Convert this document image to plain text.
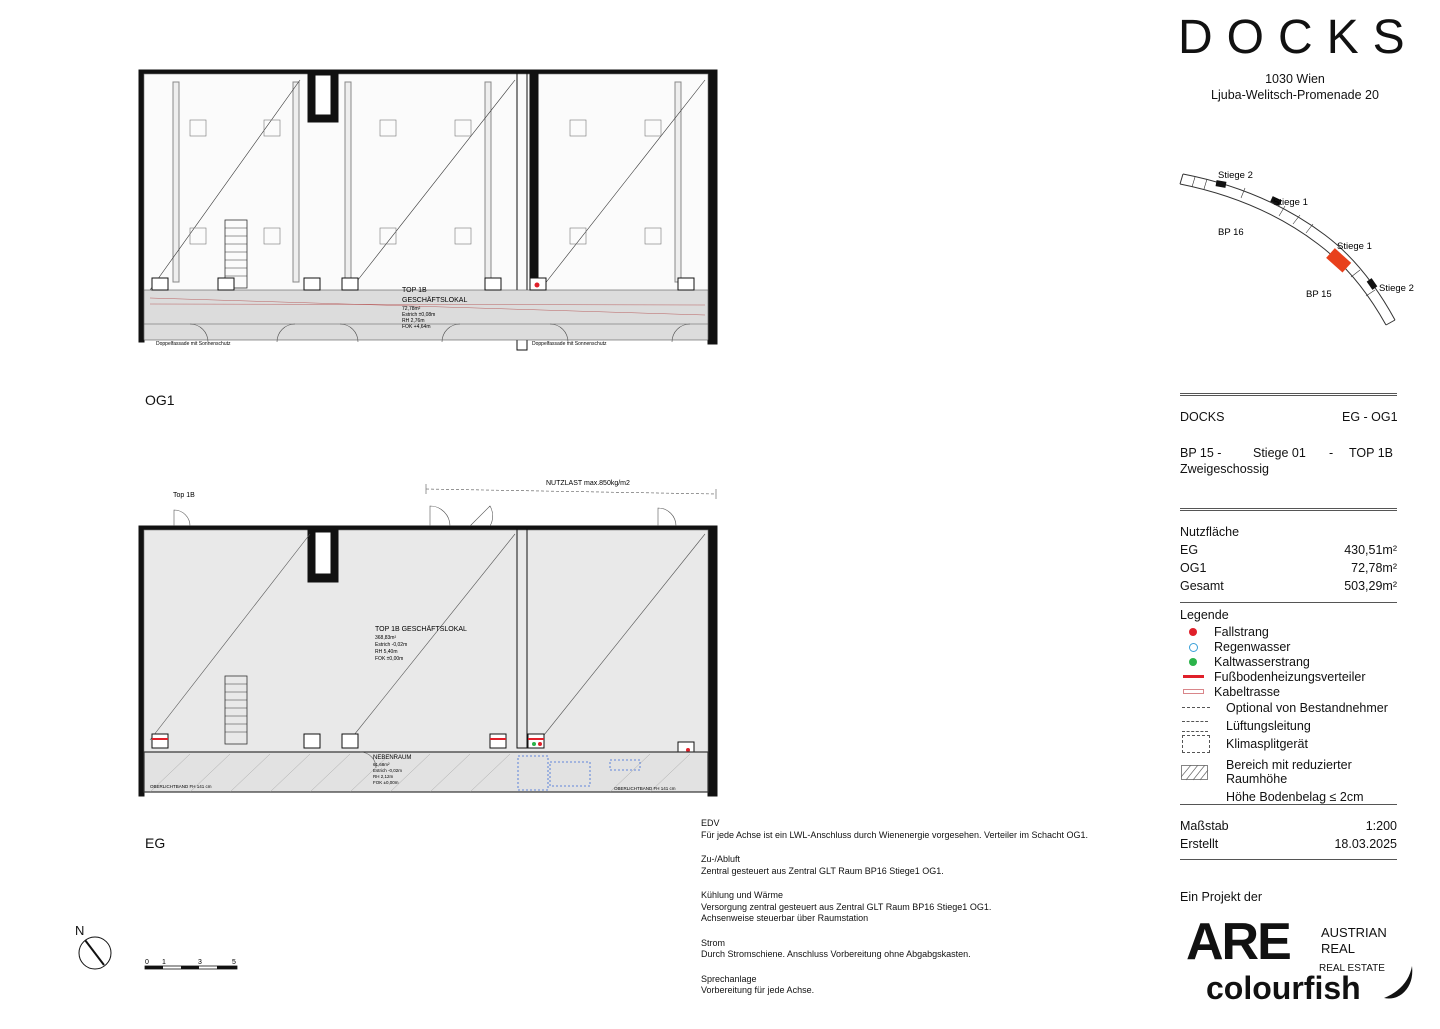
DOCKS
1030 Wien
Ljuba-Welitsch-Promenade 20
Stiege 2
Stiege 1
BP 16
Stiege 1
BP 15
Stiege 2
DOCKS	EG - OG1
BP 15 -	Stiege 01 - TOP 1B
Zweigeschossig
Nutzfläche
EG	430,51m²
OG1	72,78m²
Gesamt	503,29m²
Legende
Fallstrang
Regenwasser
Kaltwasserstrang
Fußbodenheizungsverteiler
Kabeltrasse
Optional von Bestandnehmer
Lüftungsleitung
Klimasplitgerät
Bereich mit reduzierter
Raumhöhe
Höhe Bodenbelag ≤ 2cm
Maßstab	1:200
Erstellt	18.03.2025
Ein Projekt der
ARE AUSTRIAN
REAL
REAL ESTATE
colourfish
TOP 1B
GESCHÄFTSLOKAL
72,78m²
Estrich ±0,08m
RH 2,76m
FOK +4,64m
Doppelfassade mit Sonnenschutz	Doppelfassade mit Sonnenschutz
OG1
NUTZLAST max.850kg/m2
Top 1B
TOP 1B GESCHÄFTSLOKAL
368,83m²
Estrich -0,02m
RH 5,40m
FOK ±0,00m
NEBENRAUM
61,68m²
Estrich -0,02m
RH 2,12m
FOK ±0,00m
OBERLICHTBAND FH 141 cm	OBERLICHTBAND FH 141 cm
EG
N
0 1	3	5
EDV
Für jede Achse ist ein LWL-Anschluss durch Wienenergie vorgesehen. Verteiler im Schacht OG1.
Zu-/Abluft
Zentral gesteuert aus Zentral GLT Raum BP16 Stiege1 OG1.
Kühlung und Wärme
Versorgung zentral gesteuert aus Zentral GLT Raum BP16 Stiege1 OG1.
Achsenweise steuerbar über Raumstation
Strom
Durch Stromschiene. Anschluss Vorbereitung ohne Abgabgskasten.
Sprechanlage
Vorbereitung für jede Achse.
